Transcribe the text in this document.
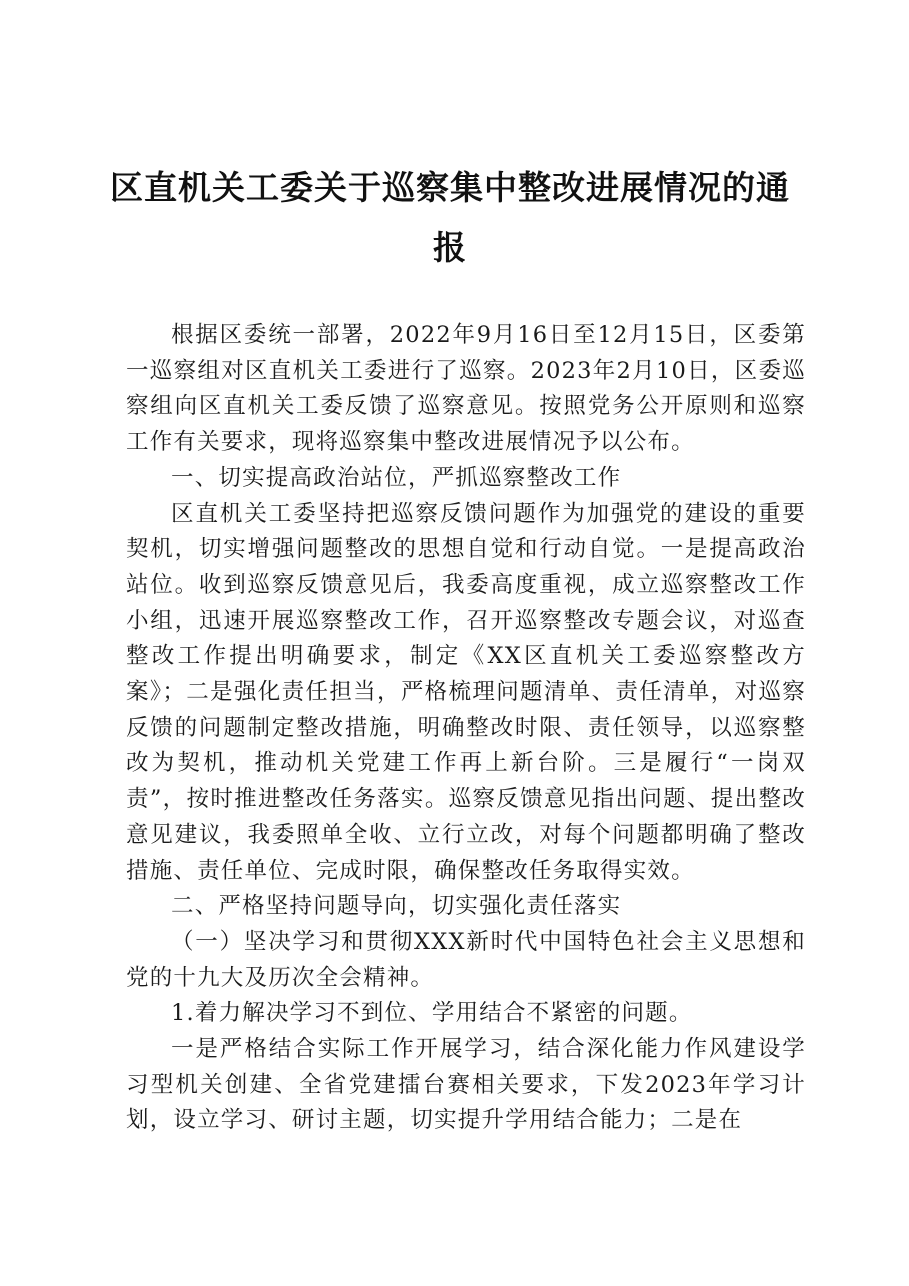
区直机关工委关于巡察集中整改进展情况的通报

根据区委统一部署，2022年9月16日至12月15日，区委第一巡察组对区直机关工委进行了巡察。2023年2月10日，区委巡察组向区直机关工委反馈了巡察意见。按照党务公开原则和巡察工作有关要求，现将巡察集中整改进展情况予以公布。

一、切实提高政治站位，严抓巡察整改工作

区直机关工委坚持把巡察反馈问题作为加强党的建设的重要契机，切实增强问题整改的思想自觉和行动自觉。一是提高政治站位。收到巡察反馈意见后，我委高度重视，成立巡察整改工作小组，迅速开展巡察整改工作，召开巡察整改专题会议，对巡查整改工作提出明确要求，制定《XX区直机关工委巡察整改方案》；二是强化责任担当，严格梳理问题清单、责任清单，对巡察反馈的问题制定整改措施，明确整改时限、责任领导，以巡察整改为契机，推动机关党建工作再上新台阶。三是履行“一岗双责”，按时推进整改任务落实。巡察反馈意见指出问题、提出整改意见建议，我委照单全收、立行立改，对每个问题都明确了整改措施、责任单位、完成时限，确保整改任务取得实效。

二、严格坚持问题导向，切实强化责任落实

（一）坚决学习和贯彻XXX新时代中国特色社会主义思想和党的十九大及历次全会精神。

1.着力解决学习不到位、学用结合不紧密的问题。

一是严格结合实际工作开展学习，结合深化能力作风建设学习型机关创建、全省党建擂台赛相关要求，下发2023年学习计划，设立学习、研讨主题，切实提升学用结合能力；二是在
